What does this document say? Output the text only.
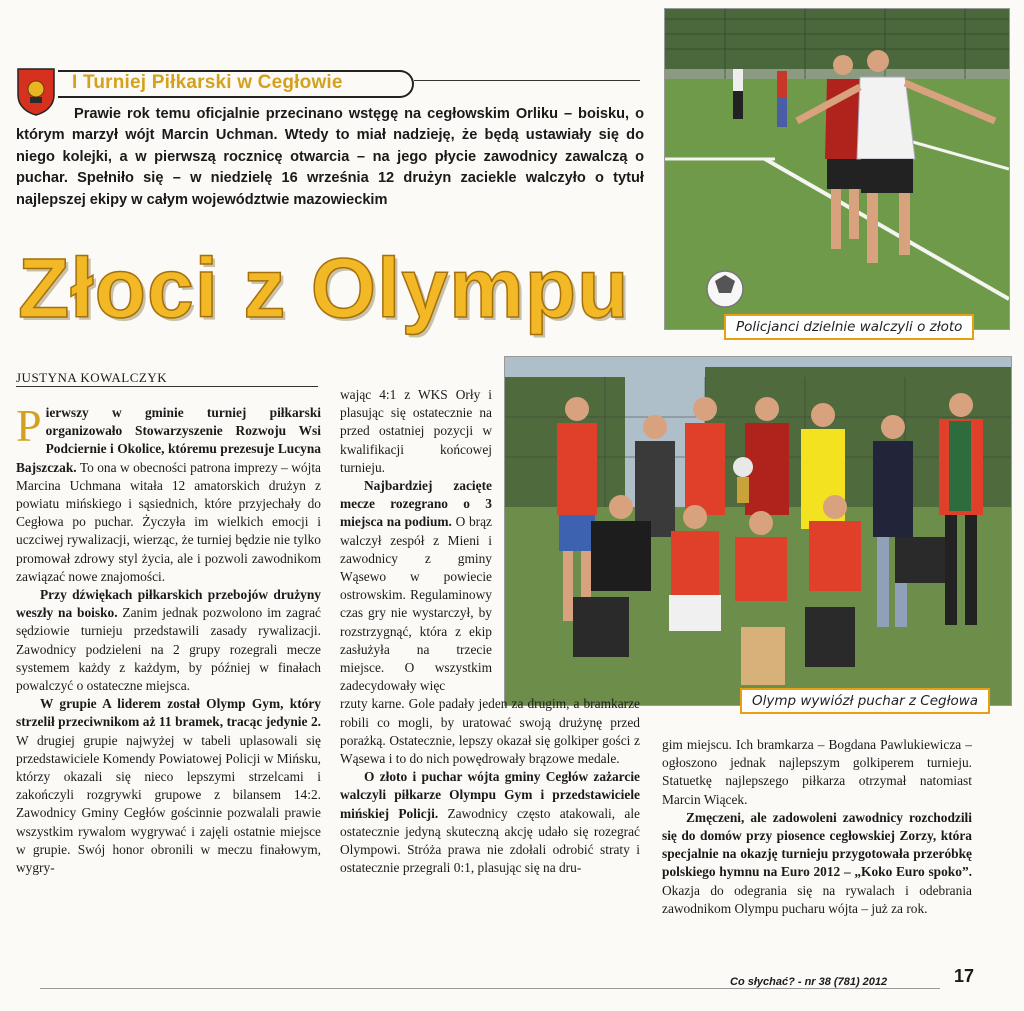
I Turniej Piłkarski w Cegłowie
Prawie rok temu oficjalnie przecinano wstęgę na cegłowskim Orliku – boisku, o którym marzył wójt Marcin Uchman. Wtedy to miał nadzieję, że będą ustawiały się do niego kolejki, a w pierwszą rocznicę otwarcia – na jego płycie zawodnicy zawalczą o puchar. Spełniło się – w niedzielę 16 września 12 drużyn zaciekle walczyło o tytuł najlepszej ekipy w całym województwie mazowieckim
Złoci z Olympu
JUSTYNA KOWALCZYK
Policjanci dzielnie walczyli o złoto
Olymp wywiózł puchar z Cegłowa

Pierwszy w gminie turniej piłkarski organizowało Stowarzyszenie Rozwoju Wsi Podciernie i Okolice, któremu prezesuje Lucyna Bajszczak. To ona w obecności patrona imprezy – wójta Marcina Uchmana witała 12 amatorskich drużyn z powiatu mińskiego i sąsiednich, które przyjechały do Cegłowa po puchar. Życzyła im wielkich emocji i uczciwej rywalizacji, wierząc, że turniej będzie nie tylko promował zdrowy styl życia, ale i pozwoli zawodnikom zawiązać nowe znajomości.

Przy dźwiękach piłkarskich przebojów drużyny weszły na boisko. Zanim jednak pozwolono im zagrać sędziowie turnieju przedstawili zasady rywalizacji. Zawodnicy podzieleni na 2 grupy rozegrali mecze systemem każdy z każdym, by później w finałach powalczyć o ostateczne miejsca.

W grupie A liderem został Olymp Gym, który strzelił przeciwnikom aż 11 bramek, tracąc jedynie 2. W drugiej grupie najwyżej w tabeli uplasowali się przedstawiciele Komendy Powiatowej Policji w Mińsku, którzy okazali się nieco lepszymi strzelcami i zakończyli rozgrywki grupowe z bilansem 14:2. Zawodnicy Gminy Cegłów gościnnie pozwalali prawie wszystkim rywalom wygrywać i zajęli ostatnie miejsce w grupie. Swój honor obronili w meczu finałowym, wygry-

wając 4:1 z WKS Orły i plasując się ostatecznie na przed ostatniej pozycji w kwalifikacji końcowej turnieju.

Najbardziej zacięte mecze rozegrano o 3 miejsca na podium. O brąz walczył zespół z Mieni i zawodnicy z gminy Wąsewo w powiecie ostrowskim. Regulaminowy czas gry nie wystarczył, by rozstrzygnąć, która z ekip zasłużyła na trzecie miejsce. O wszystkim zadecydowały więc

rzuty karne. Gole padały jeden za drugim, a bramkarze robili co mogli, by uratować swoją drużynę przed porażką. Ostatecznie, lepszy okazał się golkiper gości z Wąsewa i to do nich powędrowały brązowe medale.

O złoto i puchar wójta gminy Cegłów zażarcie walczyli piłkarze Olympu Gym i przedstawiciele mińskiej Policji. Zawodnicy często atakowali, ale ostatecznie jedyną skuteczną akcję udało się rozegrać Olympowi. Stróża prawa nie zdołali odrobić straty i ostatecznie przegrali 0:1, plasując się na dru-

gim miejscu. Ich bramkarza – Bogdana Pawlukiewicza – ogłoszono jednak najlepszym golkiperem turnieju. Statuetkę najlepszego piłkarza otrzymał natomiast Marcin Wiącek.

Zmęczeni, ale zadowoleni zawodnicy rozchodzili się do domów przy piosence cegłowskiej Zorzy, która specjalnie na okazję turnieju przygotowała przeróbkę polskiego hymnu na Euro 2012 – „Koko Euro spoko”. Okazja do odegrania się na rywalach i odebrania zawodnikom Olympu pucharu wójta – już za rok.

Co słychać? - nr 38 (781) 2012	17
